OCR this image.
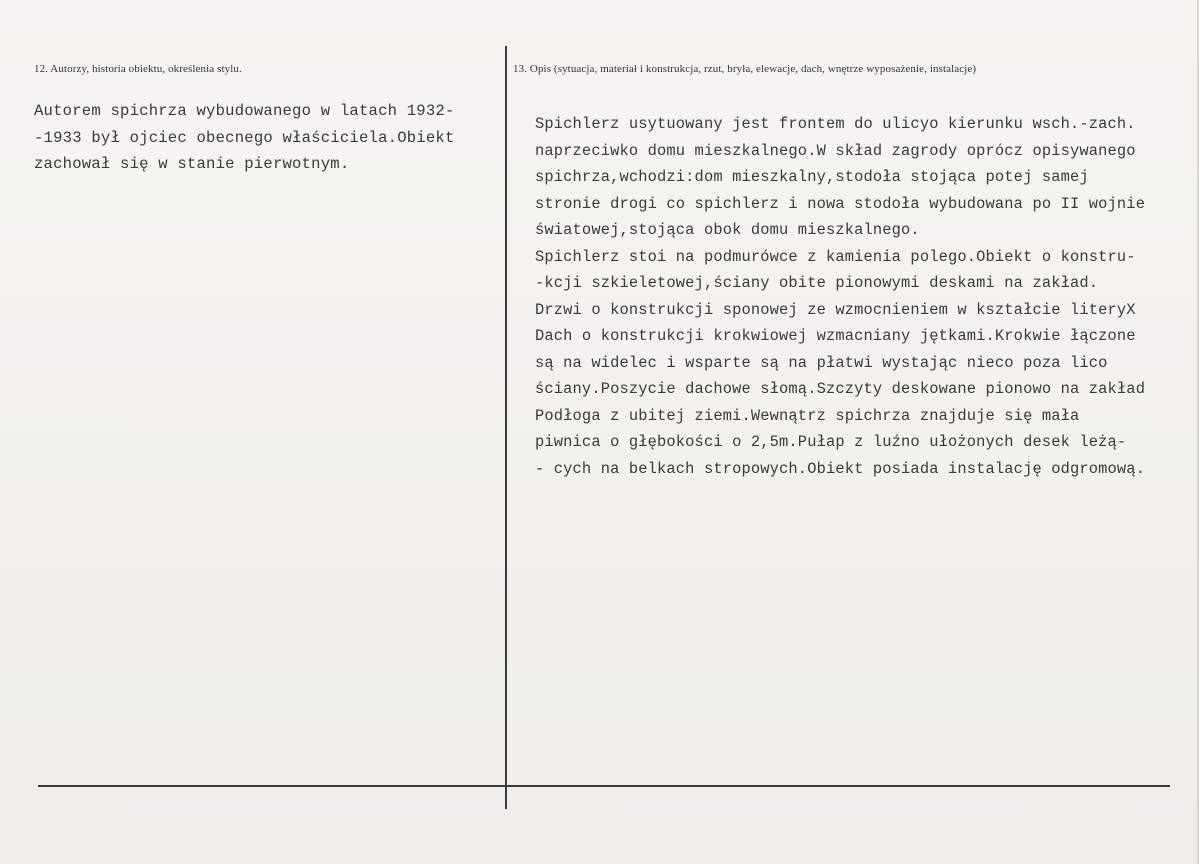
12. Autorzy, historia obiektu, określenia stylu.	13. Opis (sytuacja, materiał i konstrukcja, rzut, bryła, elewacje, dach, wnętrze wyposażenie, instalacje)
Autorem spichrza wybudowanego w latach 1932-
-1933 był ojciec obecnego właściciela.Obiekt
zachował się w stanie pierwotnym.
Spichlerz usytuowany jest frontem do ulicyo kierunku wsch.-zach.
naprzeciwko domu mieszkalnego.W skład zagrody oprócz opisywanego
spichrza,wchodzi:dom mieszkalny,stodoła stojąca potej samej
stronie drogi co spichlerz i nowa stodoła wybudowana po II wojnie
światowej,stojąca obok domu mieszkalnego.
Spichlerz stoi na podmurówce z kamienia polego.Obiekt o konstru-
-kcji szkieletowej,ściany obite pionowymi deskami na zakład.
Drzwi o konstrukcji sponowej ze wzmocnieniem w kształcie literyX
Dach o konstrukcji krokwiowej wzmacniany jętkami.Krokwie łączone
są na widelec i wsparte są na płatwi wystając nieco poza lico
ściany.Poszycie dachowe słomą.Szczyty deskowane pionowo na zakład
Podłoga z ubitej ziemi.Wewnątrz spichrza znajduje się mała
piwnica o głębokości o 2,5m.Pułap z luźno ułożonych desek leżą-
- cych na belkach stropowych.Obiekt posiada instalację odgromową.
